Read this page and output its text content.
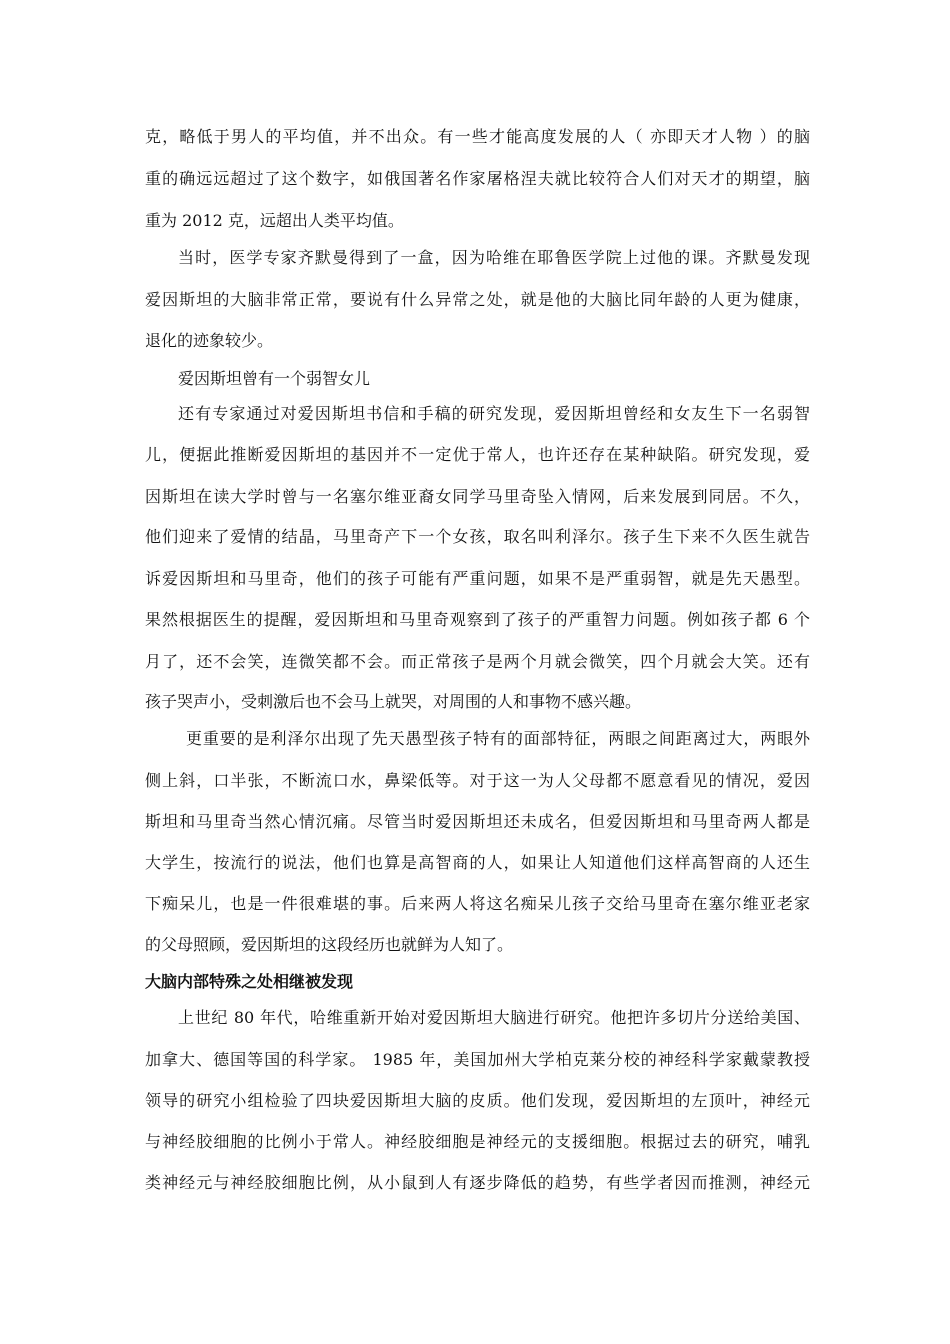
克，略低于男人的平均值，并不出众。有一些才能高度发展的人（ 亦即天才人物 ）的脑
重的确远远超过了这个数字，如俄国著名作家屠格涅夫就比较符合人们对天才的期望，脑
重为 2012 克，远超出人类平均值。
当时，医学专家齐默曼得到了一盒，因为哈维在耶鲁医学院上过他的课。齐默曼发现
爱因斯坦的大脑非常正常，要说有什么异常之处，就是他的大脑比同年龄的人更为健康，
退化的迹象较少。
爱因斯坦曾有一个弱智女儿
还有专家通过对爱因斯坦书信和手稿的研究发现，爱因斯坦曾经和女友生下一名弱智
儿，便据此推断爱因斯坦的基因并不一定优于常人，也许还存在某种缺陷。研究发现，爱
因斯坦在读大学时曾与一名塞尔维亚裔女同学马里奇坠入情网，后来发展到同居。不久，
他们迎来了爱情的结晶，马里奇产下一个女孩，取名叫利泽尔。孩子生下来不久医生就告
诉爱因斯坦和马里奇，他们的孩子可能有严重问题，如果不是严重弱智，就是先天愚型。
果然根据医生的提醒，爱因斯坦和马里奇观察到了孩子的严重智力问题。例如孩子都 6 个
月了，还不会笑，连微笑都不会。而正常孩子是两个月就会微笑，四个月就会大笑。还有
孩子哭声小，受刺激后也不会马上就哭，对周围的人和事物不感兴趣。
更重要的是利泽尔出现了先天愚型孩子特有的面部特征，两眼之间距离过大，两眼外
侧上斜，口半张，不断流口水，鼻梁低等。对于这一为人父母都不愿意看见的情况，爱因
斯坦和马里奇当然心情沉痛。尽管当时爱因斯坦还未成名，但爱因斯坦和马里奇两人都是
大学生，按流行的说法，他们也算是高智商的人，如果让人知道他们这样高智商的人还生
下痴呆儿，也是一件很难堪的事。后来两人将这名痴呆儿孩子交给马里奇在塞尔维亚老家
的父母照顾，爱因斯坦的这段经历也就鲜为人知了。
大脑内部特殊之处相继被发现
上世纪 80 年代，哈维重新开始对爱因斯坦大脑进行研究。他把许多切片分送给美国、
加拿大、德国等国的科学家。 1985 年，美国加州大学柏克莱分校的神经科学家戴蒙教授
领导的研究小组检验了四块爱因斯坦大脑的皮质。他们发现，爱因斯坦的左顶叶，神经元
与神经胶细胞的比例小于常人。神经胶细胞是神经元的支援细胞。根据过去的研究，哺乳
类神经元与神经胶细胞比例，从小鼠到人有逐步降低的趋势，有些学者因而推测，神经元
